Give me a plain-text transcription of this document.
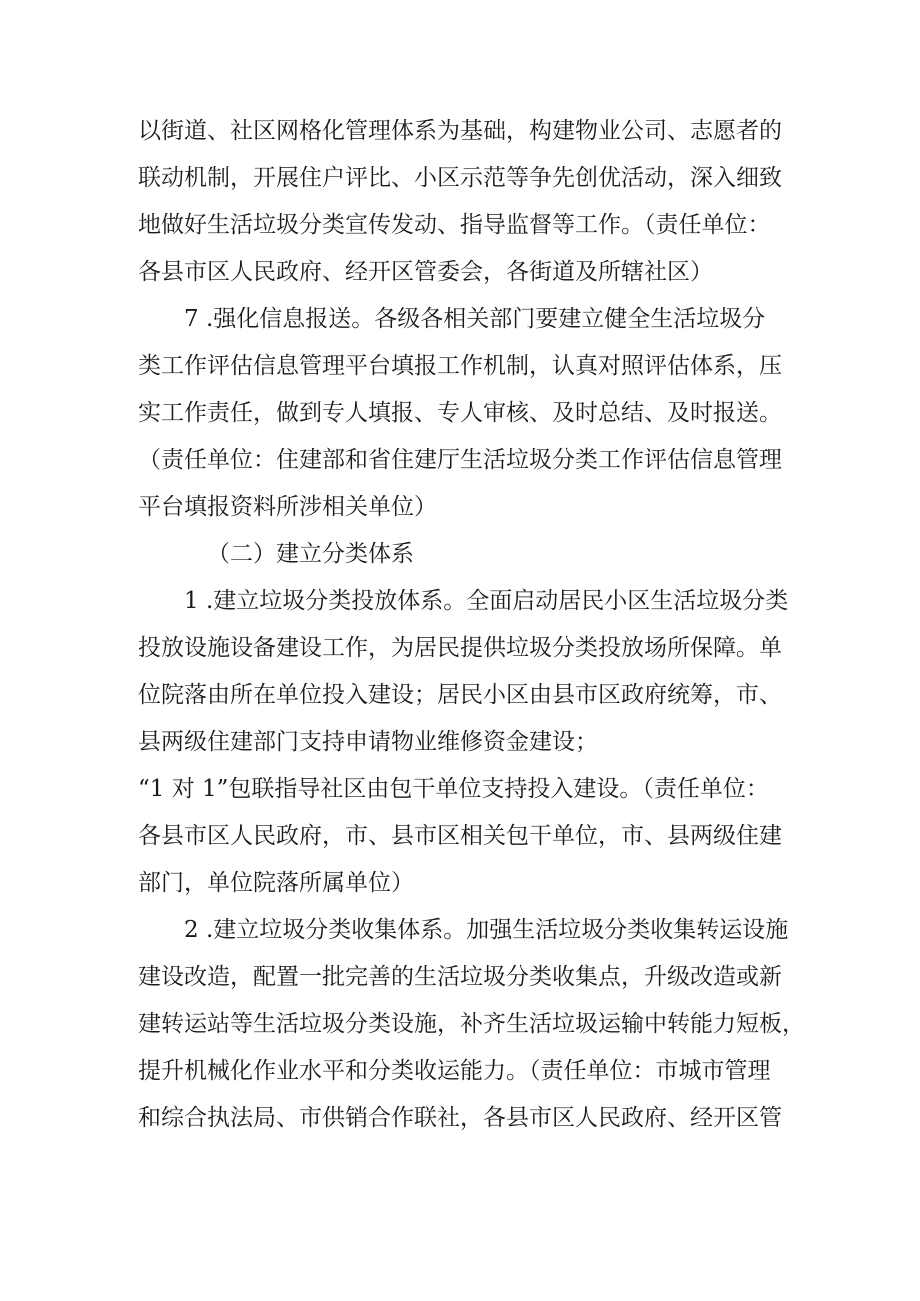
以街道、社区网格化管理体系为基础，构建物业公司、志愿者的
联动机制，开展住户评比、小区示范等争先创优活动，深入细致
地做好生活垃圾分类宣传发动、指导监督等工作。（责任单位：
各县市区人民政府、经开区管委会，各街道及所辖社区）
7 .强化信息报送。各级各相关部门要建立健全生活垃圾分
类工作评估信息管理平台填报工作机制，认真对照评估体系，压
实工作责任，做到专人填报、专人审核、及时总结、及时报送。
（责任单位：住建部和省住建厅生活垃圾分类工作评估信息管理
平台填报资料所涉相关单位）
（二）建立分类体系
1 .建立垃圾分类投放体系。全面启动居民小区生活垃圾分类
投放设施设备建设工作，为居民提供垃圾分类投放场所保障。单
位院落由所在单位投入建设；居民小区由县市区政府统筹，市、
县两级住建部门支持申请物业维修资金建设；
“1 对 1”包联指导社区由包干单位支持投入建设。（责任单位：
各县市区人民政府，市、县市区相关包干单位，市、县两级住建
部门，单位院落所属单位）
2 .建立垃圾分类收集体系。加强生活垃圾分类收集转运设施
建设改造，配置一批完善的生活垃圾分类收集点，升级改造或新
建转运站等生活垃圾分类设施，补齐生活垃圾运输中转能力短板，
提升机械化作业水平和分类收运能力。（责任单位：市城市管理
和综合执法局、市供销合作联社，各县市区人民政府、经开区管
